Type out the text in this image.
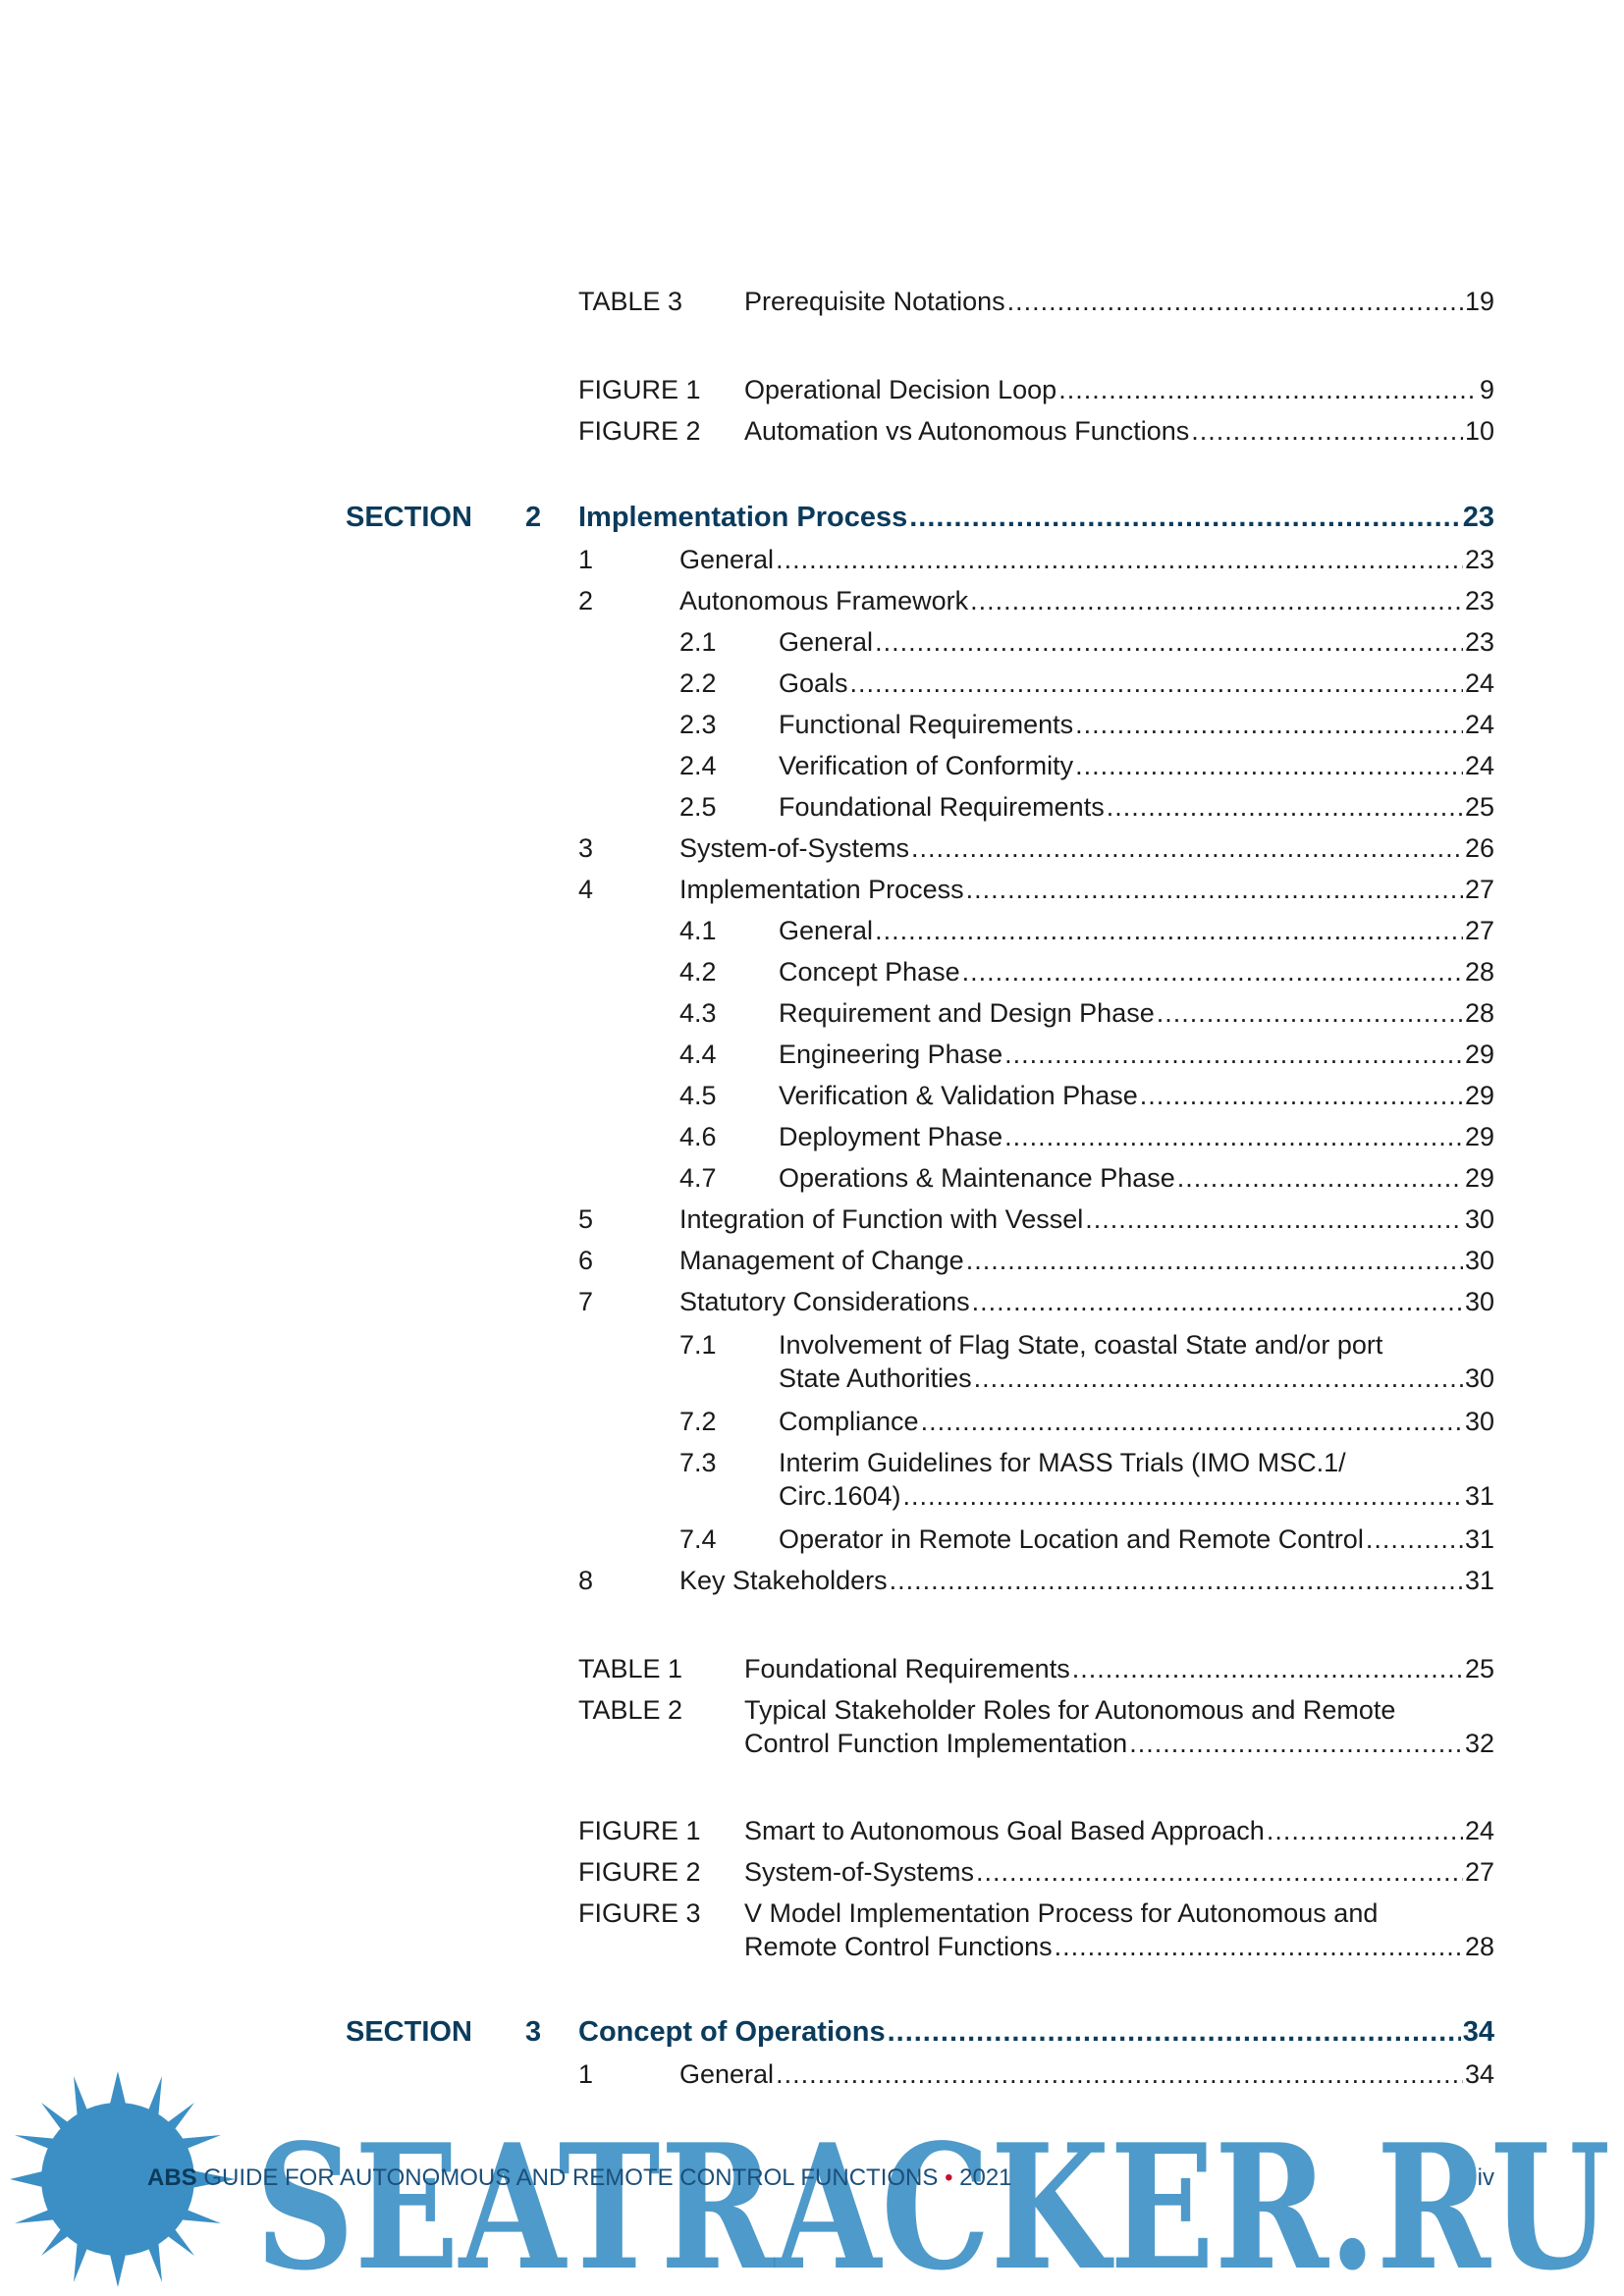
TABLE 3 Prerequisite Notations .....	19
FIGURE 1 Operational Decision Loop .....	9
FIGURE 2 Automation vs Autonomous Functions .....	10
SECTION 2 Implementation Process .....	23
1	General .....	23
2	Autonomous Framework .....	23
2.1 General .....	23
2.2 Goals .....	24
2.3 Functional Requirements .....	24
2.4 Verification of Conformity .....	24
2.5 Foundational Requirements .....	25
3	System-of-Systems .....	26
4	Implementation Process .....	27
4.1 General .....	27
4.2 Concept Phase .....	28
4.3 Requirement and Design Phase .....	28
4.4 Engineering Phase .....	29
4.5 Verification & Validation Phase .....	29
4.6 Deployment Phase .....	29
4.7 Operations & Maintenance Phase .....	29
5	Integration of Function with Vessel .....	30
6	Management of Change .....	30
7	Statutory Considerations .....	30
7.1 Involvement of Flag State, coastal State and/or port
State Authorities .....	30
7.2 Compliance .....	30
7.3 Interim Guidelines for MASS Trials (IMO MSC.1/
Circ.1604) .....	31
7.4 Operator in Remote Location and Remote Control .....	31
8	Key Stakeholders .....	31
TABLE 1 Foundational Requirements .....	25
TABLE 2 Typical Stakeholder Roles for Autonomous and Remote
Control Function Implementation .....	32
FIGURE 1 Smart to Autonomous Goal Based Approach .....	24
FIGURE 2 System-of-Systems .....	27
FIGURE 3 V Model Implementation Process for Autonomous and
Remote Control Functions .....	28
SECTION 3 Concept of Operations .....	34
1	General .....	34
SEATRACKER.RU
ABS GUIDE FOR AUTONOMOUS AND REMOTE CONTROL FUNCTIONS • 2021	iv
